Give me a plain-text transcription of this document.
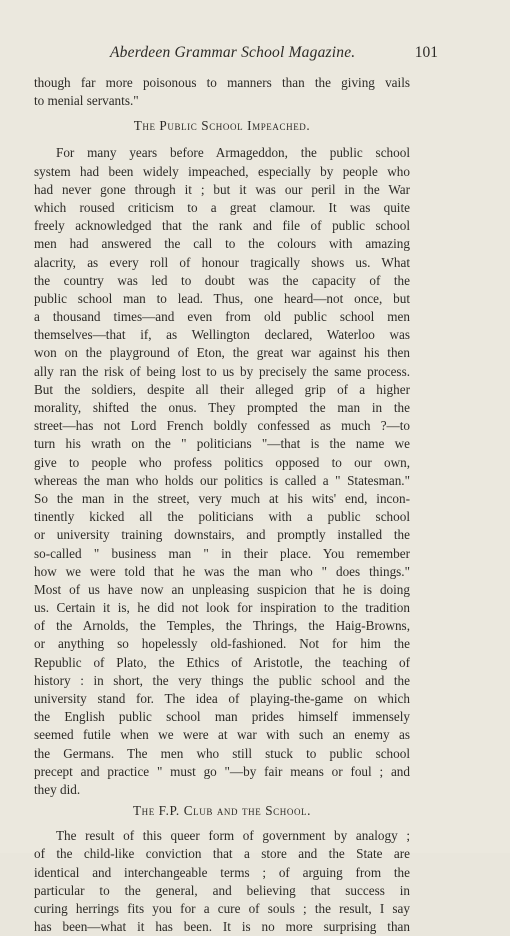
Aberdeen Grammar School Magazine.	101
though far more poisonous to manners than the giving vails
to menial servants."
The Public School Impeached.
For many years before Armageddon, the public school
system had been widely impeached, especially by people who
had never gone through it ; but it was our peril in the War
which roused criticism to a great clamour. It was quite
freely acknowledged that the rank and file of public school
men had answered the call to the colours with amazing
alacrity, as every roll of honour tragically shows us. What
the country was led to doubt was the capacity of the
public school man to lead. Thus, one heard—not once, but
a thousand times—and even from old public school men
themselves—that if, as Wellington declared, Waterloo was
won on the playground of Eton, the great war against his then
ally ran the risk of being lost to us by precisely the same process.
But the soldiers, despite all their alleged grip of a higher
morality, shifted the onus. They prompted the man in the
street—has not Lord French boldly confessed as much ?—to
turn his wrath on the " politicians "—that is the name we
give to people who profess politics opposed to our own,
whereas the man who holds our politics is called a " Statesman."
So the man in the street, very much at his wits' end, incon-
tinently kicked all the politicians with a public school
or university training downstairs, and promptly installed the
so-called " business man " in their place. You remember
how we were told that he was the man who " does things."
Most of us have now an unpleasing suspicion that he is doing
us. Certain it is, he did not look for inspiration to the tradition
of the Arnolds, the Temples, the Thrings, the Haig-Browns,
or anything so hopelessly old-fashioned. Not for him the
Republic of Plato, the Ethics of Aristotle, the teaching of
history : in short, the very things the public school and the
university stand for. The idea of playing-the-game on which
the English public school man prides himself immensely
seemed futile when we were at war with such an enemy as
the Germans. The men who still stuck to public school
precept and practice " must go "—by fair means or foul ; and
they did.
The F.P. Club and the School.
The result of this queer form of government by analogy ;
of the child-like conviction that a store and the State are
identical and interchangeable terms ; of arguing from the
particular to the general, and believing that success in
curing herrings fits you for a cure of souls ; the result, I say
has been—what it has been. It is no more surprising than
